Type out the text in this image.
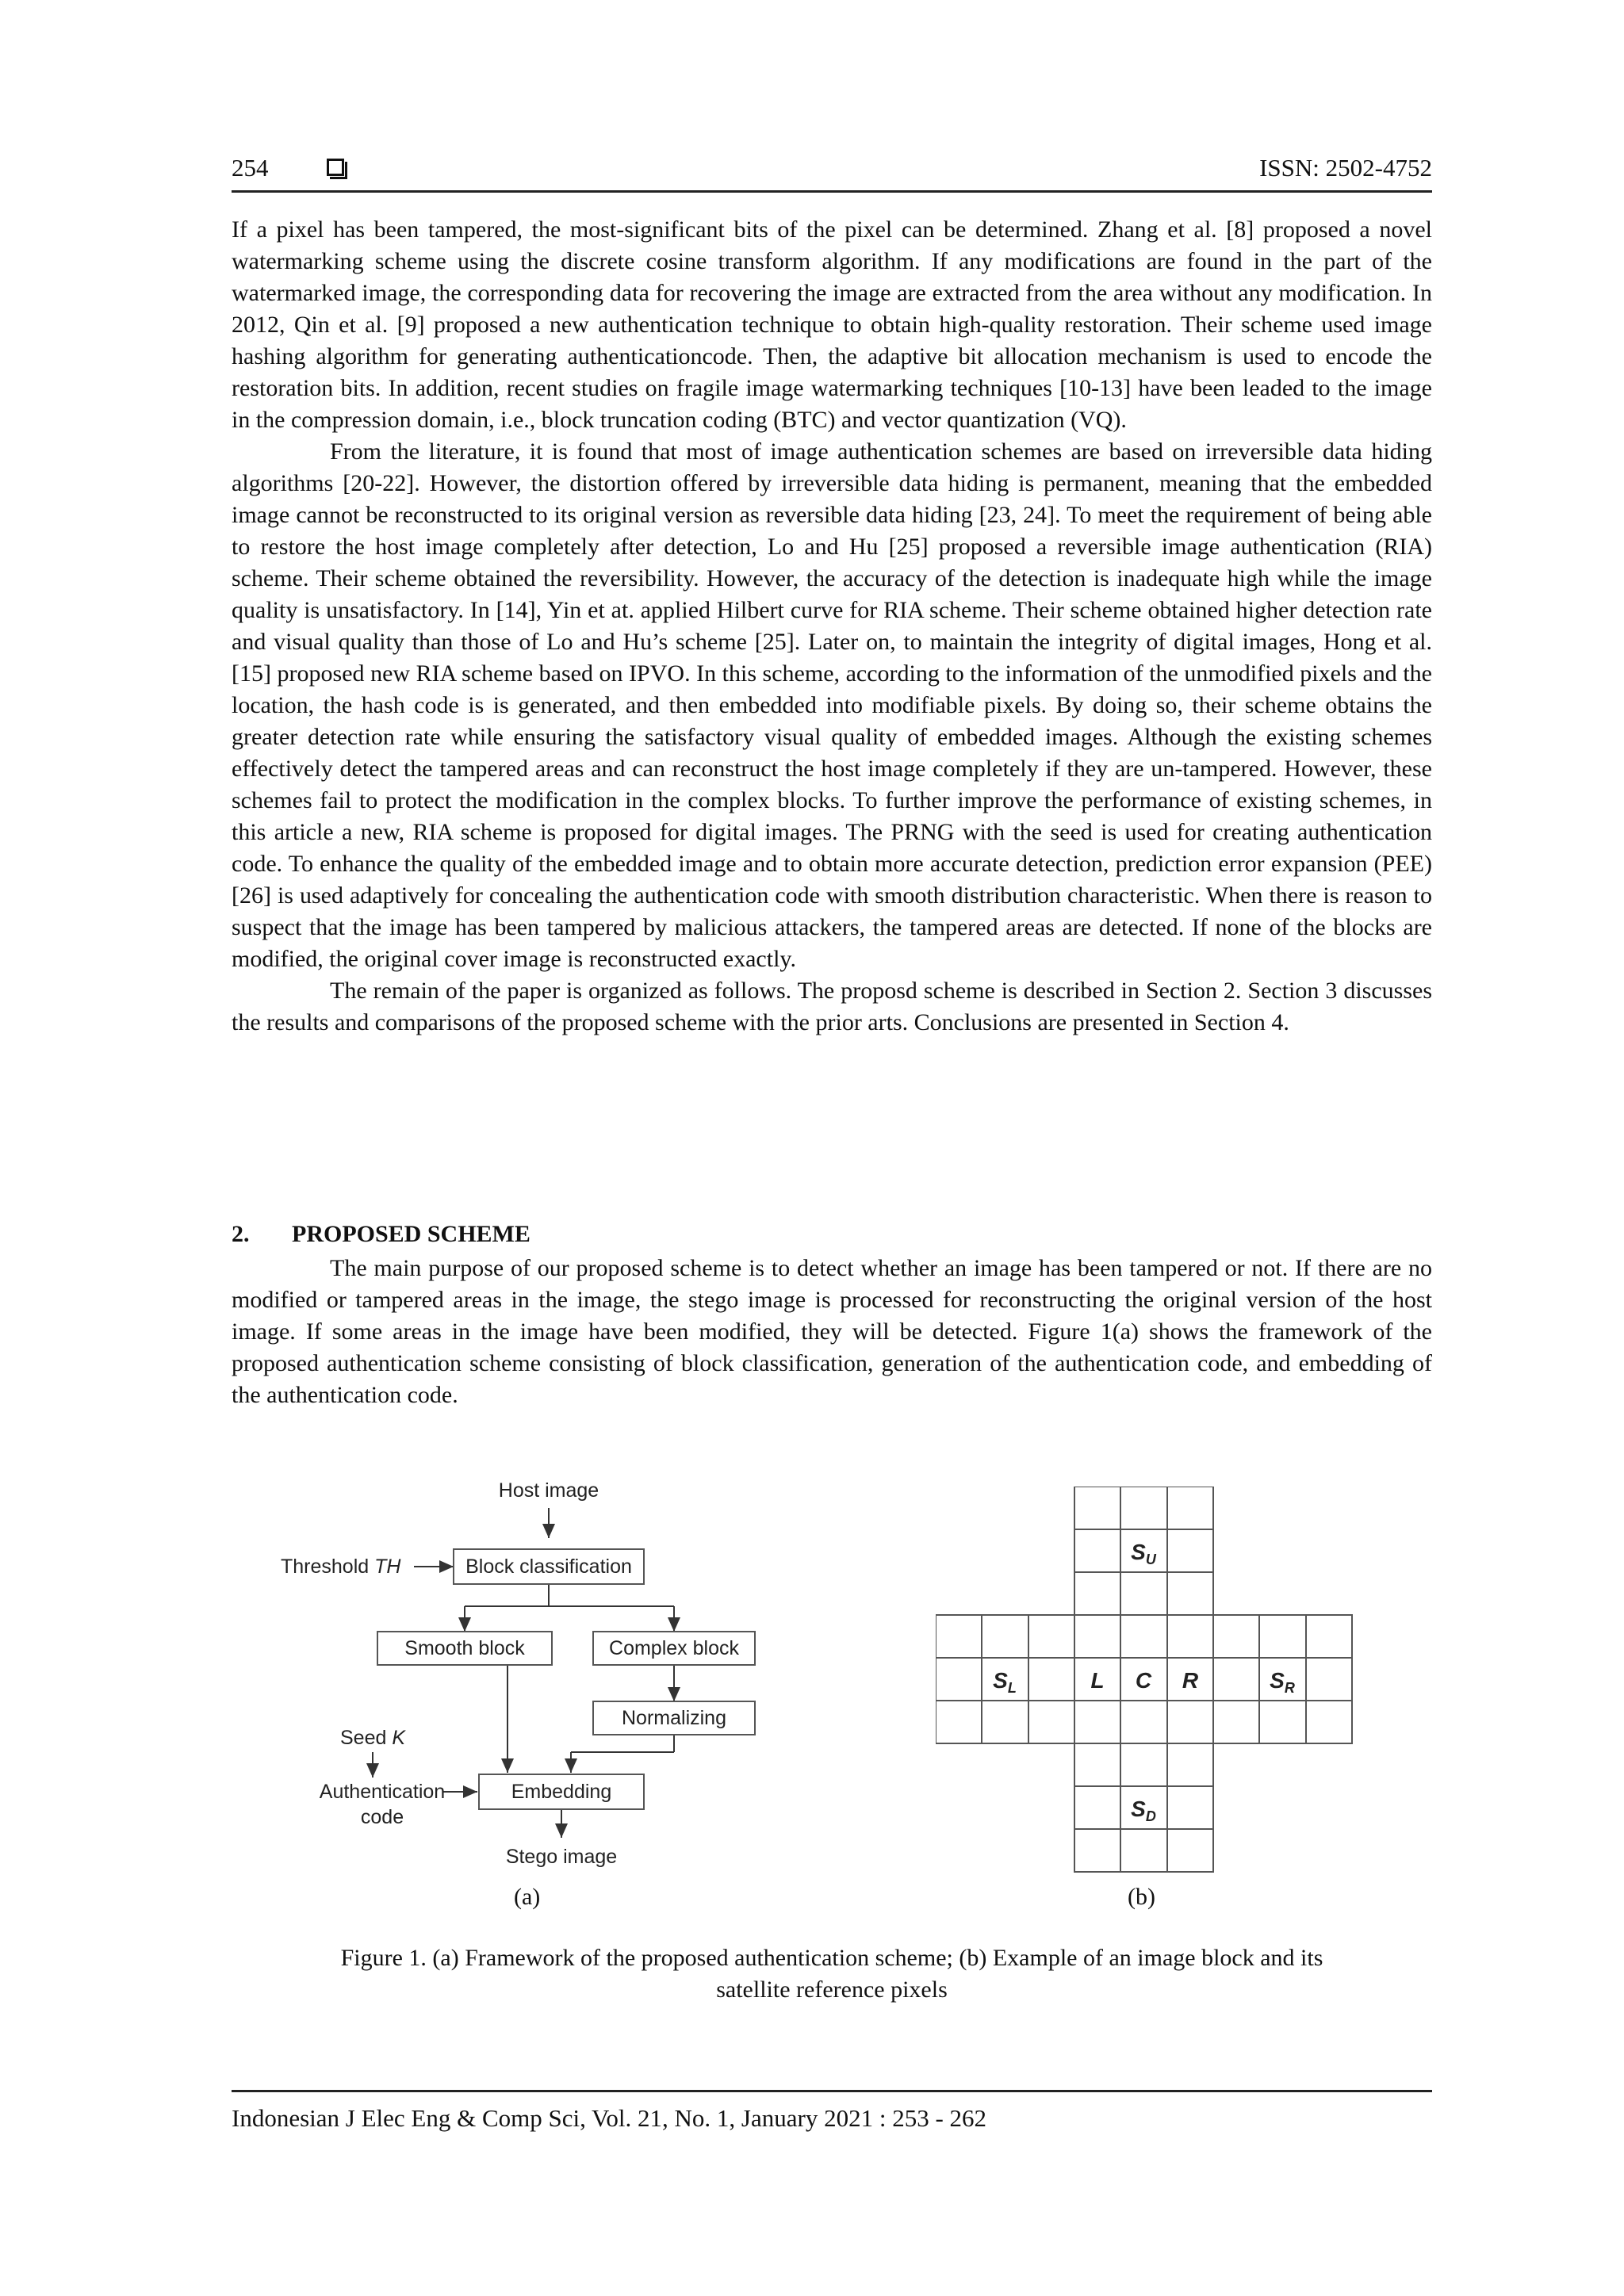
254	ISSN: 2502-4752

If a pixel has been tampered, the most-significant bits of the pixel can be determined. Zhang et al. [8] proposed a novel watermarking scheme using the discrete cosine transform algorithm. If any modifications are found in the part of the watermarked image, the corresponding data for recovering the image are extracted from the area without any modification. In 2012, Qin et al. [9] proposed a new authentication technique to obtain high-quality restoration. Their scheme used image hashing algorithm for generating authenticationcode. Then, the adaptive bit allocation mechanism is used to encode the restoration bits. In addition, recent studies on fragile image watermarking techniques [10-13] have been leaded to the image in the compression domain, i.e., block truncation coding (BTC) and vector quantization (VQ).

From the literature, it is found that most of image authentication schemes are based on irreversible data hiding algorithms [20-22]. However, the distortion offered by irreversible data hiding is permanent, meaning that the embedded image cannot be reconstructed to its original version as reversible data hiding [23, 24]. To meet the requirement of being able to restore the host image completely after detection, Lo and Hu [25] proposed a reversible image authentication (RIA) scheme. Their scheme obtained the reversibility. However, the accuracy of the detection is inadequate high while the image quality is unsatisfactory. In [14], Yin et at. applied Hilbert curve for RIA scheme. Their scheme obtained higher detection rate and visual quality than those of Lo and Hu’s scheme [25]. Later on, to maintain the integrity of digital images, Hong et al. [15] proposed new RIA scheme based on IPVO. In this scheme, according to the information of the unmodified pixels and the location, the hash code is is generated, and then embedded into modifiable pixels. By doing so, their scheme obtains the greater detection rate while ensuring the satisfactory visual quality of embedded images. Although the existing schemes effectively detect the tampered areas and can reconstruct the host image completely if they are un-tampered. However, these schemes fail to protect the modification in the complex blocks. To further improve the performance of existing schemes, in this article a new, RIA scheme is proposed for digital images. The PRNG with the seed is used for creating authentication code. To enhance the quality of the embedded image and to obtain more accurate detection, prediction error expansion (PEE) [26] is used adaptively for concealing the authentication code with smooth distribution characteristic. When there is reason to suspect that the image has been tampered by malicious attackers, the tampered areas are detected. If none of the blocks are modified, the original cover image is reconstructed exactly.

The remain of the paper is organized as follows. The proposd scheme is described in Section 2. Section 3 discusses the results and comparisons of the proposed scheme with the prior arts. Conclusions are presented in Section 4.

2. PROPOSED SCHEME

The main purpose of our proposed scheme is to detect whether an image has been tampered or not. If there are no modified or tampered areas in the image, the stego image is processed for reconstructing the original version of the host image. If some areas in the image have been modified, they will be detected. Figure 1(a) shows the framework of the proposed authentication scheme consisting of block classification, generation of the authentication code, and embedding of the authentication code.

Host image
Block classification
Smooth block	Complex block
Normalizing
Embedding
Stego image
Seed K
Authentication
code
Threshold TH
$S_U$
$S_L$	L C R	$S_R$
$S_D$
(a)	(b)
Figure 1. (a) Framework of the proposed authentication scheme; (b) Example of an image block and its
satellite reference pixels
Indonesian J Elec Eng & Comp Sci, Vol. 21, No. 1, January 2021 : 253 - 262
